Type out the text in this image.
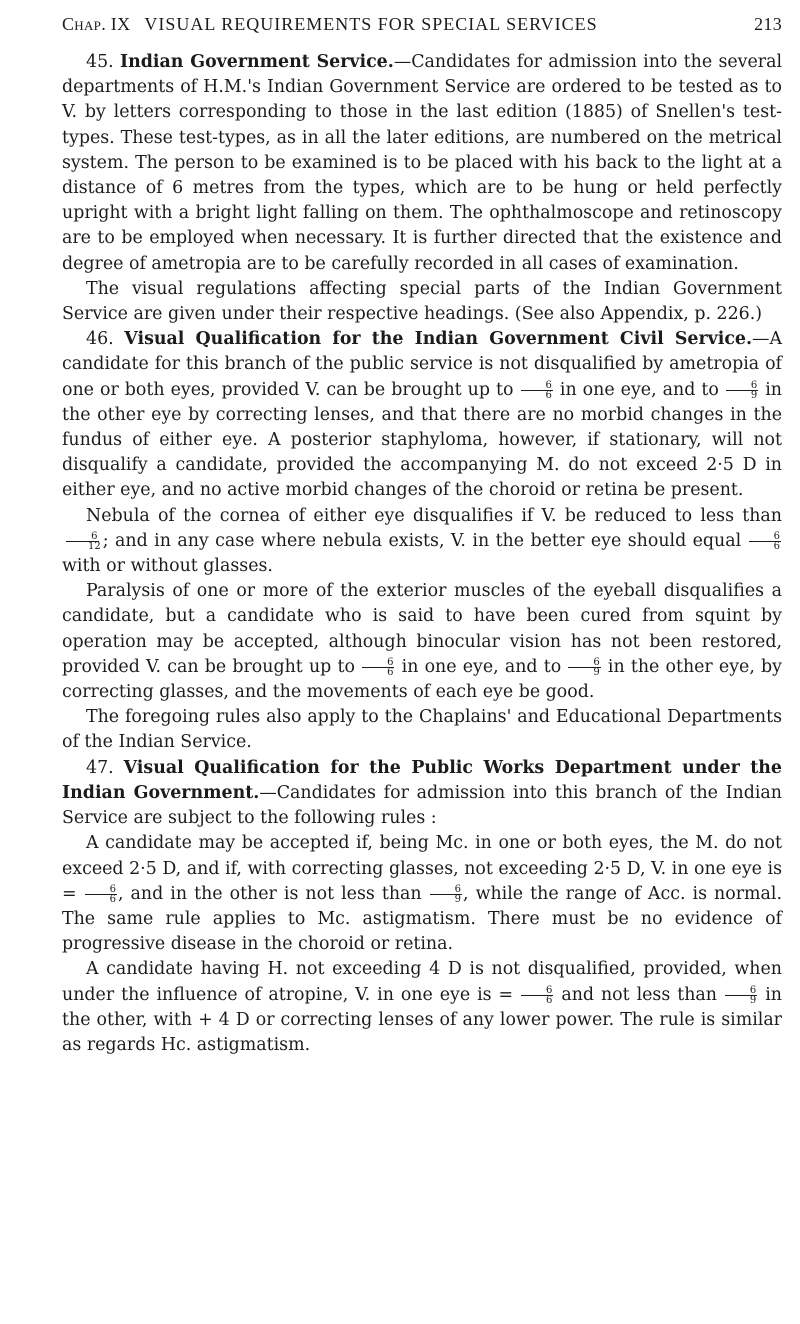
Chap. IX VISUAL REQUIREMENTS FOR SPECIAL SERVICES	213

45. Indian Government Service.—Candidates for admission into the several departments of H.M.'s Indian Government Service are ordered to be tested as to V. by letters corresponding to those in the last edition (1885) of Snellen's test-types. These test-types, as in all the later editions, are numbered on the metrical system. The person to be examined is to be placed with his back to the light at a distance of 6 metres from the types, which are to be hung or held perfectly upright with a bright light falling on them. The ophthalmoscope and retinoscopy are to be employed when necessary. It is further directed that the existence and degree of ametropia are to be carefully recorded in all cases of examination.

The visual regulations affecting special parts of the Indian Government Service are given under their respective headings. (See also Appendix, p. 226.)

46. Visual Qualification for the Indian Government Civil Service.—A candidate for this branch of the public service is not disqualified by ametropia of one or both eyes, provided V. can be brought up to $\frac{6}{6}$ in one eye, and to $\frac{6}{9}$ in the other eye by correcting lenses, and that there are no morbid changes in the fundus of either eye. A posterior staphyloma, however, if stationary, will not disqualify a candidate, provided the accompanying M. do not exceed 2·5 D in either eye, and no active morbid changes of the choroid or retina be present.

Nebula of the cornea of either eye disqualifies if V. be reduced to less than
$\frac{6}{12}$ ; and in any case where nebula exists, V. in the better eye should equal $\frac{6}{6}$
with or without glasses.

Paralysis of one or more of the exterior muscles of the eyeball disqualifies a candidate, but a candidate who is said to have been cured from squint by operation may be accepted, although binocular vision has not been restored, provided V. can be brought up to $\frac{6}{6}$ in one eye, and to $\frac{6}{9}$ in the other eye, by correcting glasses, and the movements of each eye be good.

The foregoing rules also apply to the Chaplains' and Educational Departments of the Indian Service.

47. Visual Qualification for the Public Works Department under the Indian Government.—Candidates for admission into this branch of the Indian Service are subject to the following rules :

A candidate may be accepted if, being Mc. in one or both eyes, the M. do not exceed 2·5 D, and if, with correcting glasses, not exceeding 2·5 D, V. in one eye is = $\frac{6}{6}$ , and in the other is not less than $\frac{6}{9}$ , while the range of Acc. is normal. The same rule applies to Mc. astigmatism. There must be no evidence of progressive disease in the choroid or retina.

A candidate having H. not exceeding 4 D is not disqualified, provided, when under the influence of atropine, V. in one eye is = $\frac{6}{6}$ and not less than $\frac{6}{9}$ in the other, with + 4 D or correcting lenses of any lower power. The rule is similar as regards Hc. astigmatism.
